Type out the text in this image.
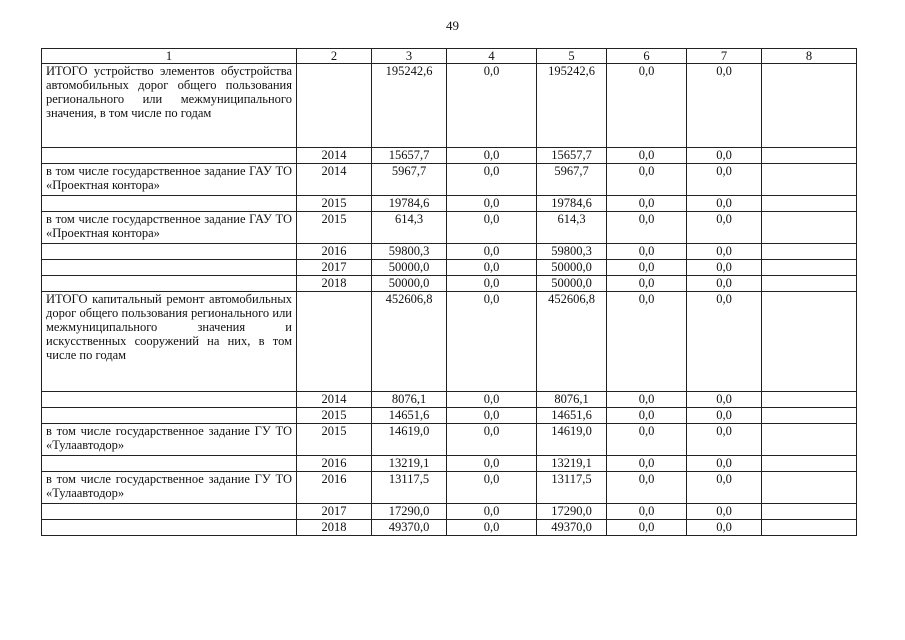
49
1	2	3	4	5	6	7	8
ИТОГО устройство элементов обустройства автомобильных дорог общего пользования регионального или межмуниципального значения, в том числе по годам		195242,6	0,0	195242,6	0,0	0,0	
	2014	15657,7	0,0	15657,7	0,0	0,0	
в том числе государственное задание ГАУ ТО «Проектная контора»	2014	5967,7	0,0	5967,7	0,0	0,0	
	2015	19784,6	0,0	19784,6	0,0	0,0	
в том числе государственное задание ГАУ ТО «Проектная контора»	2015	614,3	0,0	614,3	0,0	0,0	
	2016	59800,3	0,0	59800,3	0,0	0,0	
	2017	50000,0	0,0	50000,0	0,0	0,0	
	2018	50000,0	0,0	50000,0	0,0	0,0	
ИТОГО капитальный ремонт автомобильных дорог общего пользования регионального или межмуниципального значения и искусственных сооружений на них, в том числе по годам		452606,8	0,0	452606,8	0,0	0,0	
	2014	8076,1	0,0	8076,1	0,0	0,0	
	2015	14651,6	0,0	14651,6	0,0	0,0	
в том числе государственное задание ГУ ТО «Тулаавтодор»	2015	14619,0	0,0	14619,0	0,0	0,0	
	2016	13219,1	0,0	13219,1	0,0	0,0	
в том числе государственное задание ГУ ТО «Тулаавтодор»	2016	13117,5	0,0	13117,5	0,0	0,0	
	2017	17290,0	0,0	17290,0	0,0	0,0	
	2018	49370,0	0,0	49370,0	0,0	0,0	
